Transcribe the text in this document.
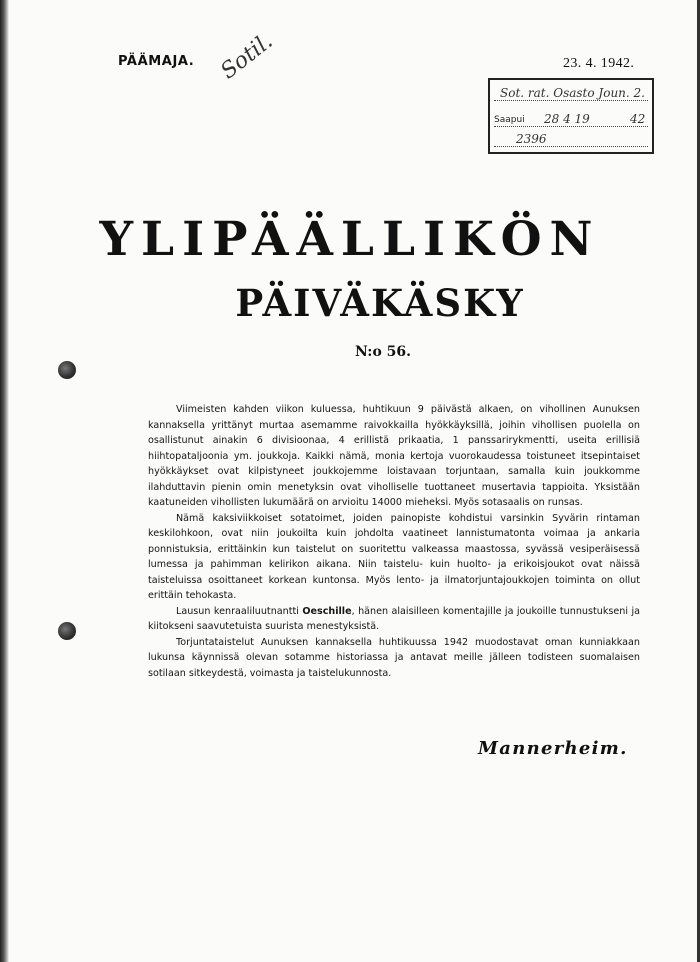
PÄÄMAJA.	23. 4. 1942.
Sotil.
Sot. rat. Osasto Joun. 2.
Saapui 28 4 19	42
2396
YLIPÄÄLLIKÖN
PÄIVÄKÄSKY
N:o 56.

Viimeisten kahden viikon kuluessa, huhtikuun 9 päivästä alkaen, on vihollinen Aunuksen kannaksella yrittänyt murtaa asemamme raivokkailla hyökkäyksillä, joihin vihollisen puolella on osallistunut ainakin 6 divisioonaa, 4 erillistä prikaatia, 1 panssarirykmentti, useita erillisiä hiihtopataljoonia ym. joukkoja. Kaikki nämä, monia kertoja vuorokaudessa toistuneet itsepintaiset hyökkäykset ovat kilpistyneet joukkojemme loistavaan torjuntaan, samalla kuin joukkomme ilahduttavin pienin omin menetyksin ovat viholliselle tuottaneet musertavia tappioita. Yksistään kaatuneiden vihollisten lukumäärä on arvioitu 14000 mieheksi. Myös sotasaalis on runsas.

Nämä kaksiviikkoiset sotatoimet, joiden painopiste kohdistui varsinkin Syvärin rintaman keskilohkoon, ovat niin joukoilta kuin johdolta vaatineet lannistumatonta voimaa ja ankaria ponnistuksia, erittäinkin kun taistelut on suoritettu valkeassa maastossa, syvässä vesiperäisessä lumessa ja pahimman kelirikon aikana. Niin taistelu- kuin huolto- ja erikoisjoukot ovat näissä taisteluissa osoittaneet korkean kuntonsa. Myös lento- ja ilmatorjuntajoukkojen toiminta on ollut erittäin tehokasta.

Lausun kenraaliluutnantti Oeschille, hänen alaisilleen komentajille ja joukoille tunnustukseni ja kiitokseni saavutetuista suurista menestyksistä.

Torjuntataistelut Aunuksen kannaksella huhtikuussa 1942 muodostavat oman kunniakkaan lukunsa käynnissä olevan sotamme historiassa ja antavat meille jälleen todisteen suomalaisen sotilaan sitkeydestä, voimasta ja taistelukunnosta.

Mannerheim.
